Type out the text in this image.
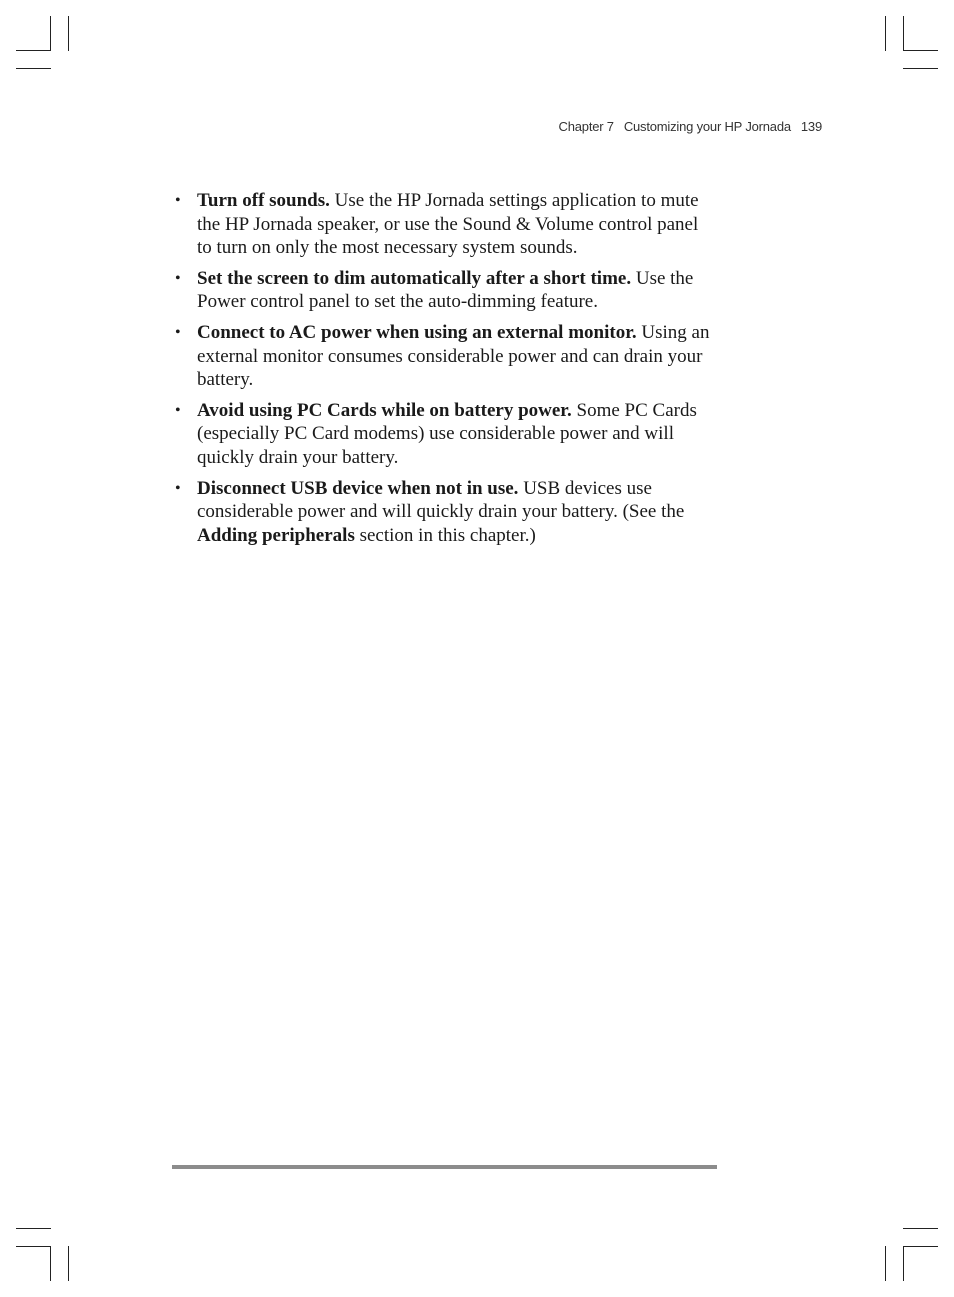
Chapter 7 Customizing your HP Jornada 139
• Turn off sounds. Use the HP Jornada settings application to mute the HP Jornada speaker, or use the Sound & Volume control panel to turn on only the most necessary system sounds.
• Set the screen to dim automatically after a short time. Use the Power control panel to set the auto-dimming feature.
• Connect to AC power when using an external monitor. Using an external monitor consumes considerable power and can drain your battery.
• Avoid using PC Cards while on battery power. Some PC Cards (especially PC Card modems) use considerable power and will quickly drain your battery.
• Disconnect USB device when not in use. USB devices use considerable power and will quickly drain your battery. (See the Adding peripherals section in this chapter.)
